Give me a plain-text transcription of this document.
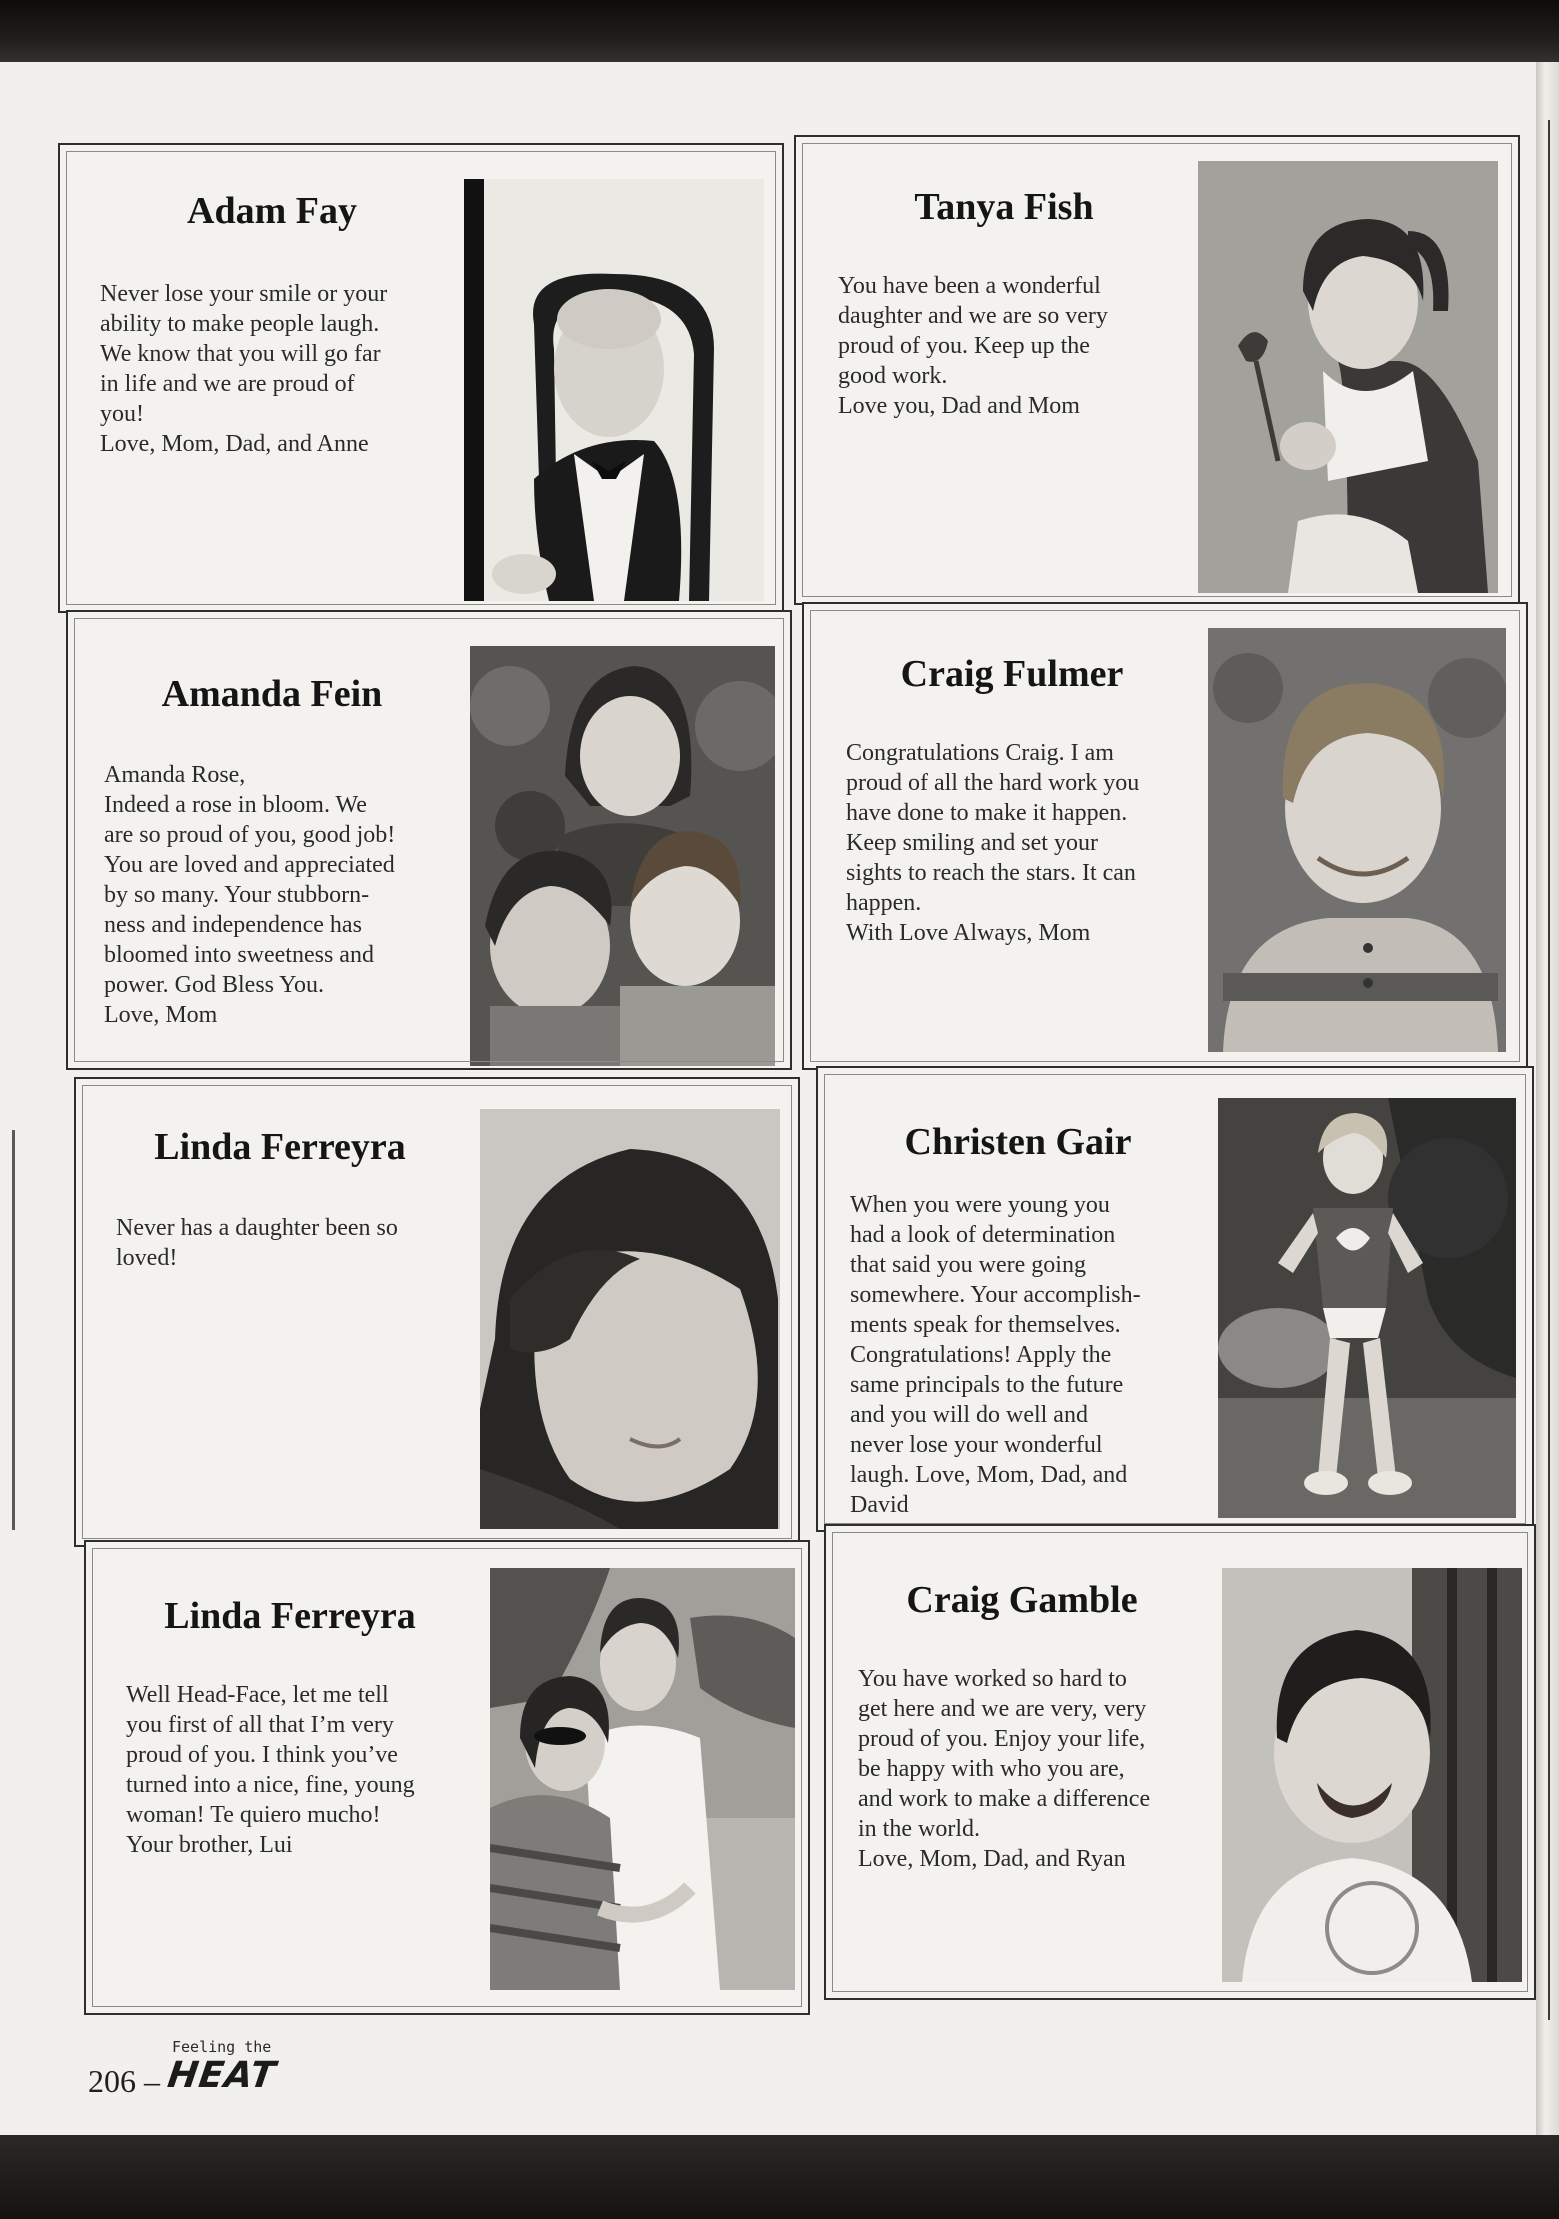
Adam Fay

Never lose your smile or your
ability to make people laugh.
We know that you will go far
in life and we are proud of
you!
Love, Mom, Dad, and Anne

Tanya Fish

You have been a wonderful
daughter and we are so very
proud of you. Keep up the
good work.
Love you, Dad and Mom

Amanda Fein

Amanda Rose,
Indeed a rose in bloom. We
are so proud of you, good job!
You are loved and appreciated
by so many. Your stubborn-
ness and independence has
bloomed into sweetness and
power. God Bless You.
Love, Mom

Craig Fulmer

Congratulations Craig. I am
proud of all the hard work you
have done to make it happen.
Keep smiling and set your
sights to reach the stars. It can
happen.
With Love Always, Mom

Linda Ferreyra

Never has a daughter been so
loved!

Christen Gair

When you were young you
had a look of determination
that said you were going
somewhere. Your accomplish-
ments speak for themselves.
Congratulations! Apply the
same principals to the future
and you will do well and
never lose your wonderful
laugh. Love, Mom, Dad, and
David

Linda Ferreyra

Well Head-Face, let me tell
you first of all that I’m very
proud of you. I think you’ve
turned into a nice, fine, young
woman! Te quiero mucho!
Your brother, Lui

Craig Gamble

You have worked so hard to
get here and we are very, very
proud of you. Enjoy your life,
be happy with who you are,
and work to make a difference
in the world.
Love, Mom, Dad, and Ryan

Feeling the
206 – HEAT
